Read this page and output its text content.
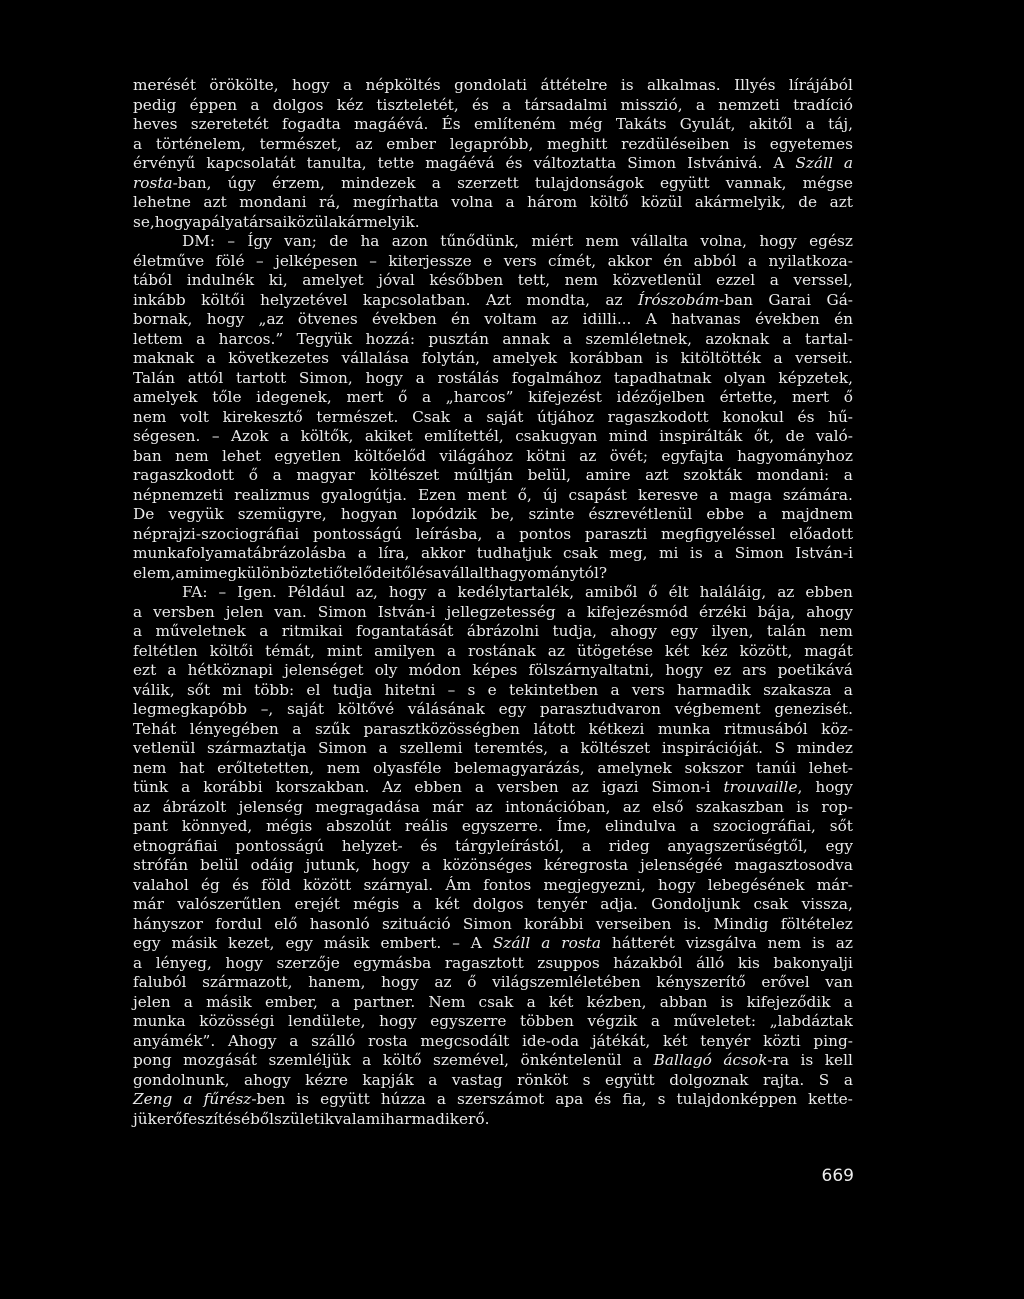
merését örökölte, hogy a népköltés gondolati áttételre is alkalmas. Illyés lírájából
pedig éppen a dolgos kéz tiszteletét, és a társadalmi misszió, a nemzeti tradíció
heves szeretetét fogadta magáévá. És említeném még Takáts Gyulát, akitől a táj,
a történelem, természet, az ember legapróbb, meghitt rezdüléseiben is egyetemes
érvényű kapcsolatát tanulta, tette magáévá és változtatta Simon Istvánivá. A Száll a
rosta-ban, úgy érzem, mindezek a szerzett tulajdonságok együtt vannak, mégse
lehetne azt mondani rá, megírhatta volna a három költő közül akármelyik, de azt
se, hogy a pályatársai közül akármelyik.
DM: – Így van; de ha azon tűnődünk, miért nem vállalta volna, hogy egész
életműve fölé – jelképesen – kiterjessze e vers címét, akkor én abból a nyilatkoza-
tából indulnék ki, amelyet jóval későbben tett, nem közvetlenül ezzel a verssel,
inkább költői helyzetével kapcsolatban. Azt mondta, az Írószobám-ban Garai Gá-
bornak, hogy „az ötvenes években én voltam az idilli... A hatvanas években én
lettem a harcos.” Tegyük hozzá: pusztán annak a szemléletnek, azoknak a tartal-
maknak a következetes vállalása folytán, amelyek korábban is kitöltötték a verseit.
Talán attól tartott Simon, hogy a rostálás fogalmához tapadhatnak olyan képzetek,
amelyek tőle idegenek, mert ő a „harcos” kifejezést idézőjelben értette, mert ő
nem volt kirekesztő természet. Csak a saját útjához ragaszkodott konokul és hű-
ségesen. – Azok a költők, akiket említettél, csakugyan mind inspirálták őt, de való-
ban nem lehet egyetlen költőelőd világához kötni az övét; egyfajta hagyományhoz
ragaszkodott ő a magyar költészet múltján belül, amire azt szokták mondani: a
népnemzeti realizmus gyalogútja. Ezen ment ő, új csapást keresve a maga számára.
De vegyük szemügyre, hogyan lopódzik be, szinte észrevétlenül ebbe a majdnem
néprajzi-szociográfiai pontosságú leírásba, a pontos paraszti megfigyeléssel előadott
munkafolyamatábrázolásba a líra, akkor tudhatjuk csak meg, mi is a Simon István-i
elem, ami megkülönbözteti őt elődeitől és a vállalt hagyománytól?
FA: – Igen. Például az, hogy a kedélytartalék, amiből ő élt haláláig, az ebben
a versben jelen van. Simon István-i jellegzetesség a kifejezésmód érzéki bája, ahogy
a műveletnek a ritmikai fogantatását ábrázolni tudja, ahogy egy ilyen, talán nem
feltétlen költői témát, mint amilyen a rostának az ütögetése két kéz között, magát
ezt a hétköznapi jelenséget oly módon képes fölszárnyaltatni, hogy ez ars poetikává
válik, sőt mi több: el tudja hitetni – s e tekintetben a vers harmadik szakasza a
legmegkapóbb –, saját költővé válásának egy parasztudvaron végbement genezisét.
Tehát lényegében a szűk parasztközösségben látott kétkezi munka ritmusából köz-
vetlenül származtatja Simon a szellemi teremtés, a költészet inspirációját. S mindez
nem hat erőltetetten, nem olyasféle belemagyarázás, amelynek sokszor tanúi lehet-
tünk a korábbi korszakban. Az ebben a versben az igazi Simon-i trouvaille, hogy
az ábrázolt jelenség megragadása már az intonációban, az első szakaszban is rop-
pant könnyed, mégis abszolút reális egyszerre. Íme, elindulva a szociográfiai, sőt
etnográfiai pontosságú helyzet- és tárgyleírástól, a rideg anyagszerűségtől, egy
strófán belül odáig jutunk, hogy a közönséges kéregrosta jelenségéé magasztosodva
valahol ég és föld között szárnyal. Ám fontos megjegyezni, hogy lebegésének már-
már valószerűtlen erejét mégis a két dolgos tenyér adja. Gondoljunk csak vissza,
hányszor fordul elő hasonló szituáció Simon korábbi verseiben is. Mindig föltételez
egy másik kezet, egy másik embert. – A Száll a rosta hátterét vizsgálva nem is az
a lényeg, hogy szerzője egymásba ragasztott zsuppos házakból álló kis bakonyalji
faluból származott, hanem, hogy az ő világszemléletében kényszerítő erővel van
jelen a másik ember, a partner. Nem csak a két kézben, abban is kifejeződik a
munka közösségi lendülete, hogy egyszerre többen végzik a műveletet: „labdáztak
anyámék”. Ahogy a szálló rosta megcsodált ide-oda játékát, két tenyér közti ping-
pong mozgását szemléljük a költő szemével, önkéntelenül a Ballagó ácsok-ra is kell
gondolnunk, ahogy kézre kapják a vastag rönköt s együtt dolgoznak rajta. S a
Zeng a fűrész-ben is együtt húzza a szerszámot apa és fia, s tulajdonképpen kette-
jük erőfeszítéséből születik valami harmadik erő.
669
